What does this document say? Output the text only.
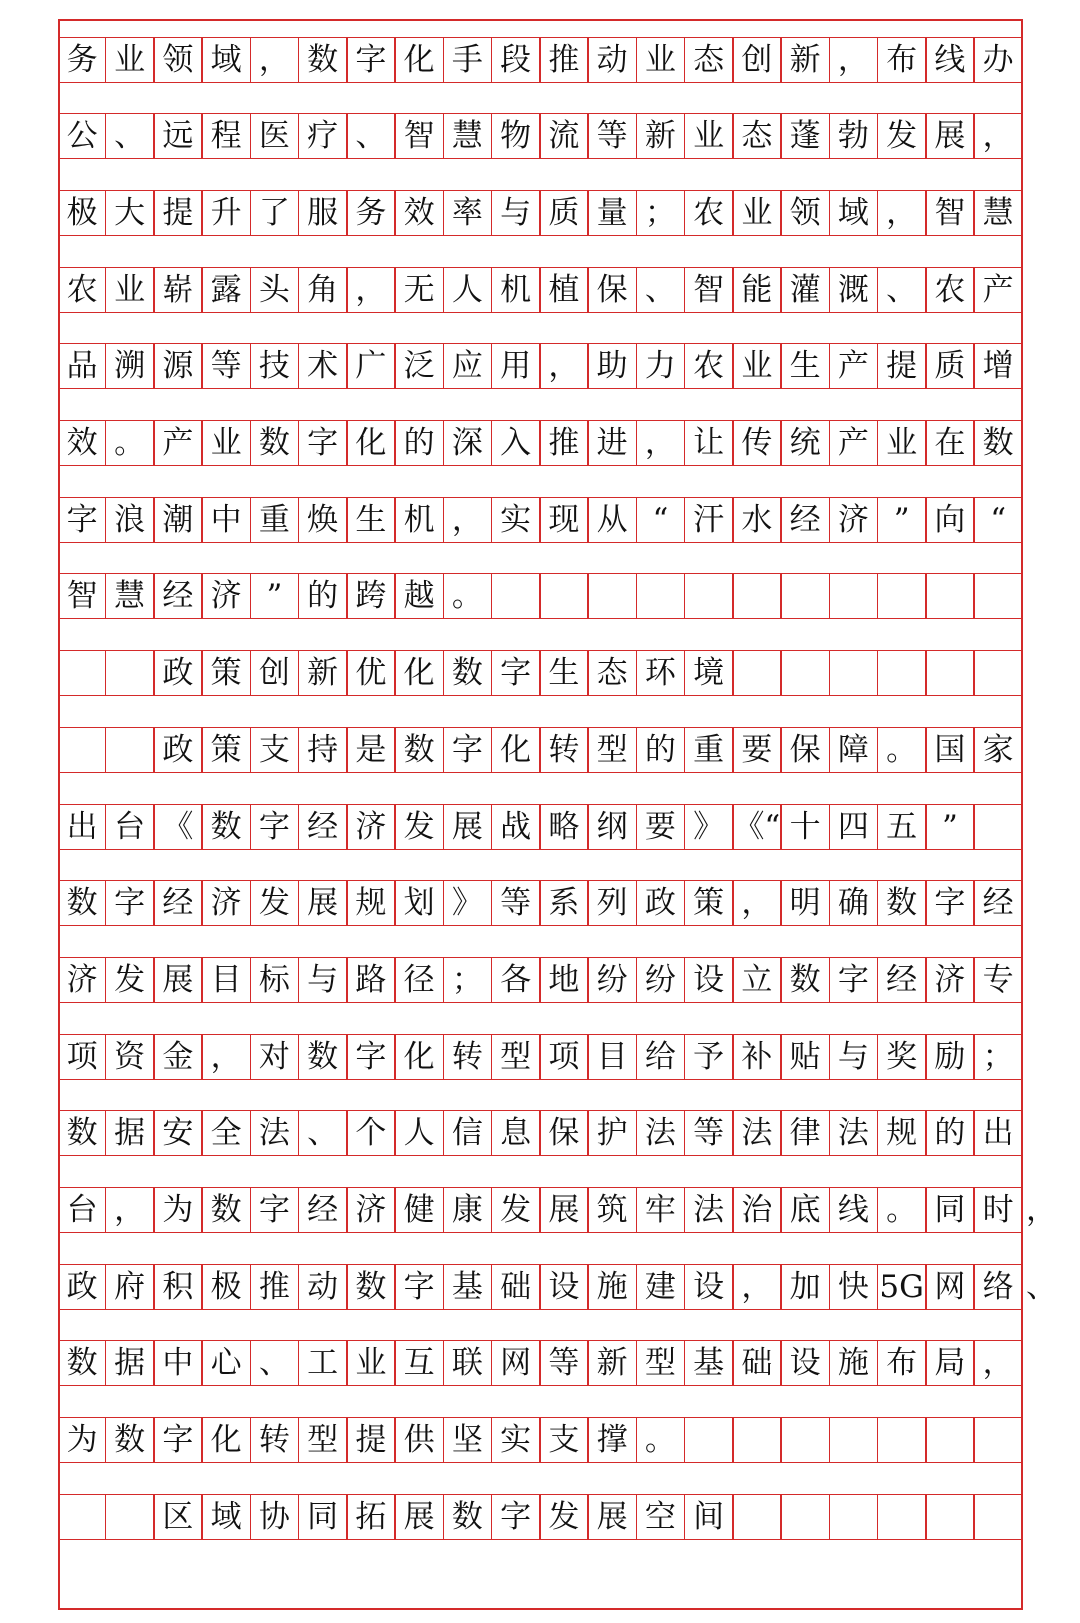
务 业 领 域 ， 数 字 化 手 段 推 动 业 态 创 新 ， 布 线 办
公 、 远 程 医 疗 、 智 慧 物 流 等 新 业 态 蓬 勃 发 展 ，
极 大 提 升 了 服 务 效 率 与 质 量 ； 农 业 领 域 ， 智 慧
农 业 崭 露 头 角 ， 无 人 机 植 保 、 智 能 灌 溉 、 农 产
品 溯 源 等 技 术 广 泛 应 用 ， 助 力 农 业 生 产 提 质 增
效 。 产 业 数 字 化 的 深 入 推 进 ， 让 传 统 产 业 在 数
字 浪 潮 中 重 焕 生 机 ， 实 现 从 “ 汗 水 经 济 ” 向 “
智 慧 经 济 ” 的 跨 越 。
政 策 创 新 优 化 数 字 生 态 环 境
政 策 支 持 是 数 字 化 转 型 的 重 要 保 障 。 国 家
出 台 《 数 字 经 济 发 展 战 略 纲 要 》 《“ 十 四 五 ”
数 字 经 济 发 展 规 划 》 等 系 列 政 策 ， 明 确 数 字 经
济 发 展 目 标 与 路 径 ； 各 地 纷 纷 设 立 数 字 经 济 专
项 资 金 ， 对 数 字 化 转 型 项 目 给 予 补 贴 与 奖 励 ；
数 据 安 全 法 、 个 人 信 息 保 护 法 等 法 律 法 规 的 出
台 ， 为 数 字 经 济 健 康 发 展 筑 牢 法 治 底 线 。 同 时 ，
政 府 积 极 推 动 数 字 基 础 设 施 建 设 ， 加 快 5G 网 络 、
数 据 中 心 、 工 业 互 联 网 等 新 型 基 础 设 施 布 局 ，
为 数 字 化 转 型 提 供 坚 实 支 撑 。
区 域 协 同 拓 展 数 字 发 展 空 间
